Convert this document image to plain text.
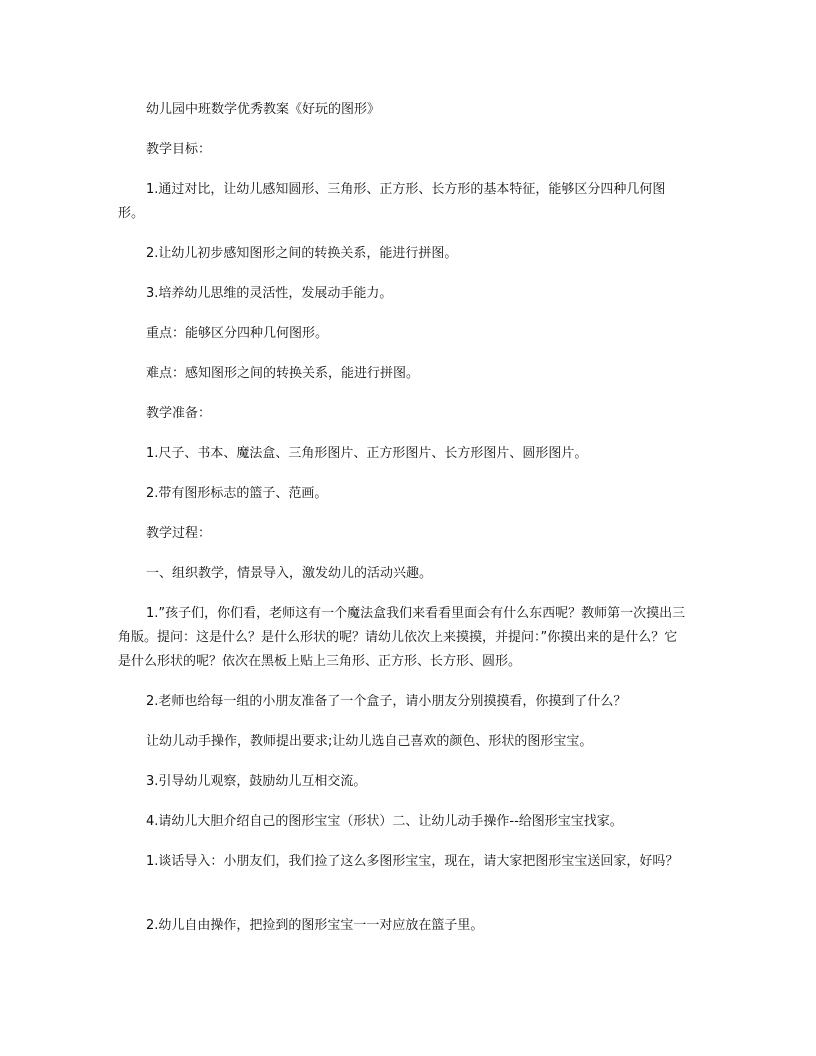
幼儿园中班数学优秀教案《好玩的图形》

教学目标：

1.通过对比，让幼儿感知圆形、三角形、正方形、长方形的基本特征，能够区分四种几何图形。

2.让幼儿初步感知图形之间的转换关系，能进行拼图。

3.培养幼儿思维的灵活性，发展动手能力。

重点：能够区分四种几何图形。

难点：感知图形之间的转换关系，能进行拼图。

教学准备：

1.尺子、书本、魔法盒、三角形图片、正方形图片、长方形图片、圆形图片。

2.带有图形标志的篮子、范画。

教学过程：

一、组织教学，情景导入，激发幼儿的活动兴趣。

1.”孩子们，你们看，老师这有一个魔法盒我们来看看里面会有什么东西呢？教师第一次摸出三角版。提问：这是什么？是什么形状的呢？请幼儿依次上来摸摸，并提问：”你摸出来的是什么？它是什么形状的呢？依次在黑板上贴上三角形、正方形、长方形、圆形。

2.老师也给每一组的小朋友准备了一个盒子，请小朋友分别摸摸看，你摸到了什么？

让幼儿动手操作，教师提出要求;让幼儿选自己喜欢的颜色、形状的图形宝宝。

3.引导幼儿观察，鼓励幼儿互相交流。

4.请幼儿大胆介绍自己的图形宝宝（形状）二、让幼儿动手操作--给图形宝宝找家。

1.谈话导入：小朋友们，我们捡了这么多图形宝宝，现在，请大家把图形宝宝送回家，好吗？

2.幼儿自由操作，把捡到的图形宝宝一一对应放在篮子里。
